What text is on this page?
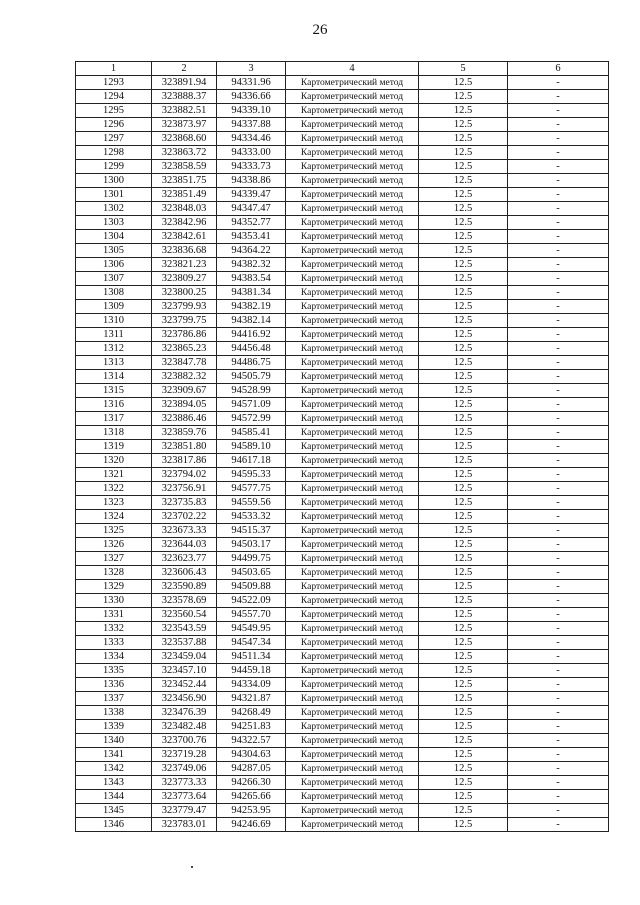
26
1	2	3	4	5	6
1293	323891.94	94331.96	Картометрический метод	12.5	-
1294	323888.37	94336.66	Картометрический метод	12.5	-
1295	323882.51	94339.10	Картометрический метод	12.5	-
1296	323873.97	94337.88	Картометрический метод	12.5	-
1297	323868.60	94334.46	Картометрический метод	12.5	-
1298	323863.72	94333.00	Картометрический метод	12.5	-
1299	323858.59	94333.73	Картометрический метод	12.5	-
1300	323851.75	94338.86	Картометрический метод	12.5	-
1301	323851.49	94339.47	Картометрический метод	12.5	-
1302	323848.03	94347.47	Картометрический метод	12.5	-
1303	323842.96	94352.77	Картометрический метод	12.5	-
1304	323842.61	94353.41	Картометрический метод	12.5	-
1305	323836.68	94364.22	Картометрический метод	12.5	-
1306	323821.23	94382.32	Картометрический метод	12.5	-
1307	323809.27	94383.54	Картометрический метод	12.5	-
1308	323800.25	94381.34	Картометрический метод	12.5	-
1309	323799.93	94382.19	Картометрический метод	12.5	-
1310	323799.75	94382.14	Картометрический метод	12.5	-
1311	323786.86	94416.92	Картометрический метод	12.5	-
1312	323865.23	94456.48	Картометрический метод	12.5	-
1313	323847.78	94486.75	Картометрический метод	12.5	-
1314	323882.32	94505.79	Картометрический метод	12.5	-
1315	323909.67	94528.99	Картометрический метод	12.5	-
1316	323894.05	94571.09	Картометрический метод	12.5	-
1317	323886.46	94572.99	Картометрический метод	12.5	-
1318	323859.76	94585.41	Картометрический метод	12.5	-
1319	323851.80	94589.10	Картометрический метод	12.5	-
1320	323817.86	94617.18	Картометрический метод	12.5	-
1321	323794.02	94595.33	Картометрический метод	12.5	-
1322	323756.91	94577.75	Картометрический метод	12.5	-
1323	323735.83	94559.56	Картометрический метод	12.5	-
1324	323702.22	94533.32	Картометрический метод	12.5	-
1325	323673.33	94515.37	Картометрический метод	12.5	-
1326	323644.03	94503.17	Картометрический метод	12.5	-
1327	323623.77	94499.75	Картометрический метод	12.5	-
1328	323606.43	94503.65	Картометрический метод	12.5	-
1329	323590.89	94509.88	Картометрический метод	12.5	-
1330	323578.69	94522.09	Картометрический метод	12.5	-
1331	323560.54	94557.70	Картометрический метод	12.5	-
1332	323543.59	94549.95	Картометрический метод	12.5	-
1333	323537.88	94547.34	Картометрический метод	12.5	-
1334	323459.04	94511.34	Картометрический метод	12.5	-
1335	323457.10	94459.18	Картометрический метод	12.5	-
1336	323452.44	94334.09	Картометрический метод	12.5	-
1337	323456.90	94321.87	Картометрический метод	12.5	-
1338	323476.39	94268.49	Картометрический метод	12.5	-
1339	323482.48	94251.83	Картометрический метод	12.5	-
1340	323700.76	94322.57	Картометрический метод	12.5	-
1341	323719.28	94304.63	Картометрический метод	12.5	-
1342	323749.06	94287.05	Картометрический метод	12.5	-
1343	323773.33	94266.30	Картометрический метод	12.5	-
1344	323773.64	94265.66	Картометрический метод	12.5	-
1345	323779.47	94253.95	Картометрический метод	12.5	-
1346	323783.01	94246.69	Картометрический метод	12.5	-
